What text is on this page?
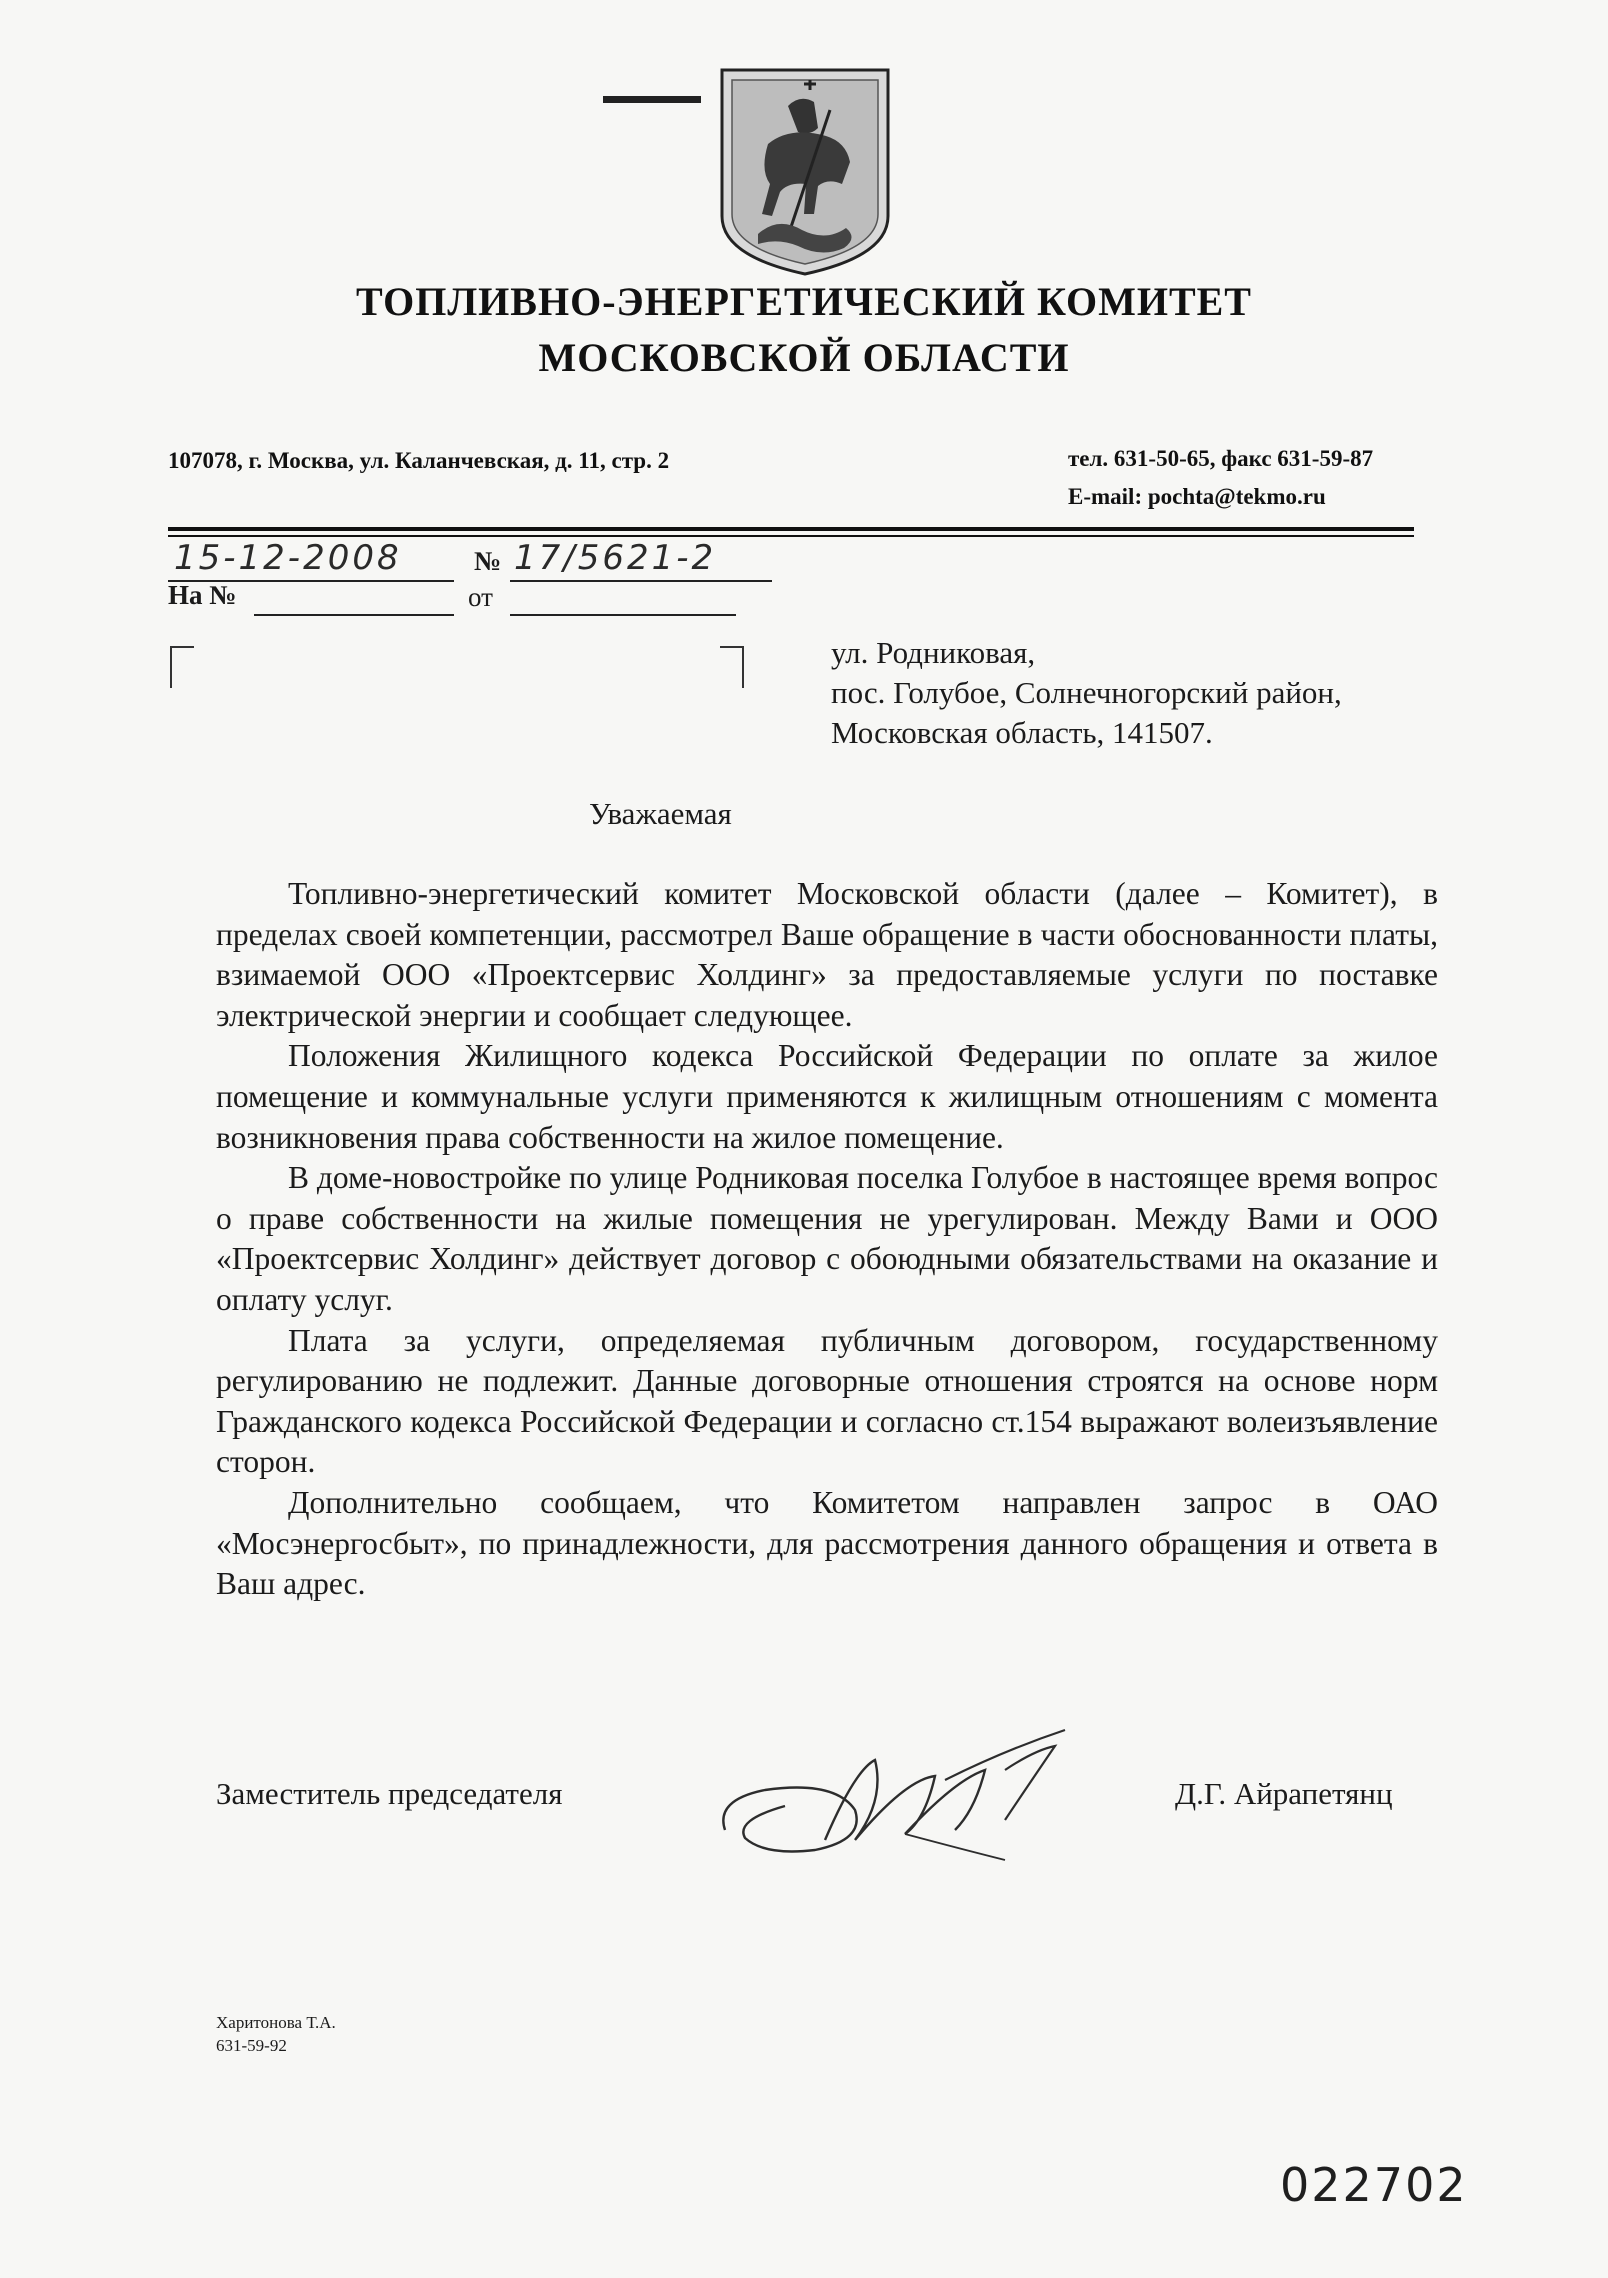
ТОПЛИВНО-ЭНЕРГЕТИЧЕСКИЙ КОМИТЕТ
МОСКОВСКОЙ ОБЛАСТИ
107078, г. Москва, ул. Каланчевская, д. 11, стр. 2	тел. 631-50-65, факс 631-59-87
E-mail: pochta@tekmo.ru
15-12-2008	№ 17/5621-2
На №	от
ул. Родниковая,
пос. Голубое, Солнечногорский район,
Московская область, 141507.
Уважаемая

Топливно-энергетический комитет Московской области (далее – Комитет), в пределах своей компетенции, рассмотрел Ваше обращение в части обоснованности платы, взимаемой ООО «Проектсервис Холдинг» за предоставляемые услуги по поставке электрической энергии и сообщает следующее.

Положения Жилищного кодекса Российской Федерации по оплате за жилое помещение и коммунальные услуги применяются к жилищным отношениям с момента возникновения права собственности на жилое помещение.

В доме-новостройке по улице Родниковая поселка Голубое в настоящее время вопрос о праве собственности на жилые помещения не урегулирован. Между Вами и ООО «Проектсервис Холдинг» действует договор с обоюдными обязательствами на оказание и оплату услуг.

Плата за услуги, определяемая публичным договором, государственному регулированию не подлежит. Данные договорные отношения строятся на основе норм Гражданского кодекса Российской Федерации и согласно ст.154 выражают волеизъявление сторон.

Дополнительно сообщаем, что Комитетом направлен запрос в ОАО «Мосэнергосбыт», по принадлежности, для рассмотрения данного обращения и ответа в Ваш адрес.

Заместитель председателя	Д.Г. Айрапетянц
Харитонова Т.А.
631-59-92
022702
